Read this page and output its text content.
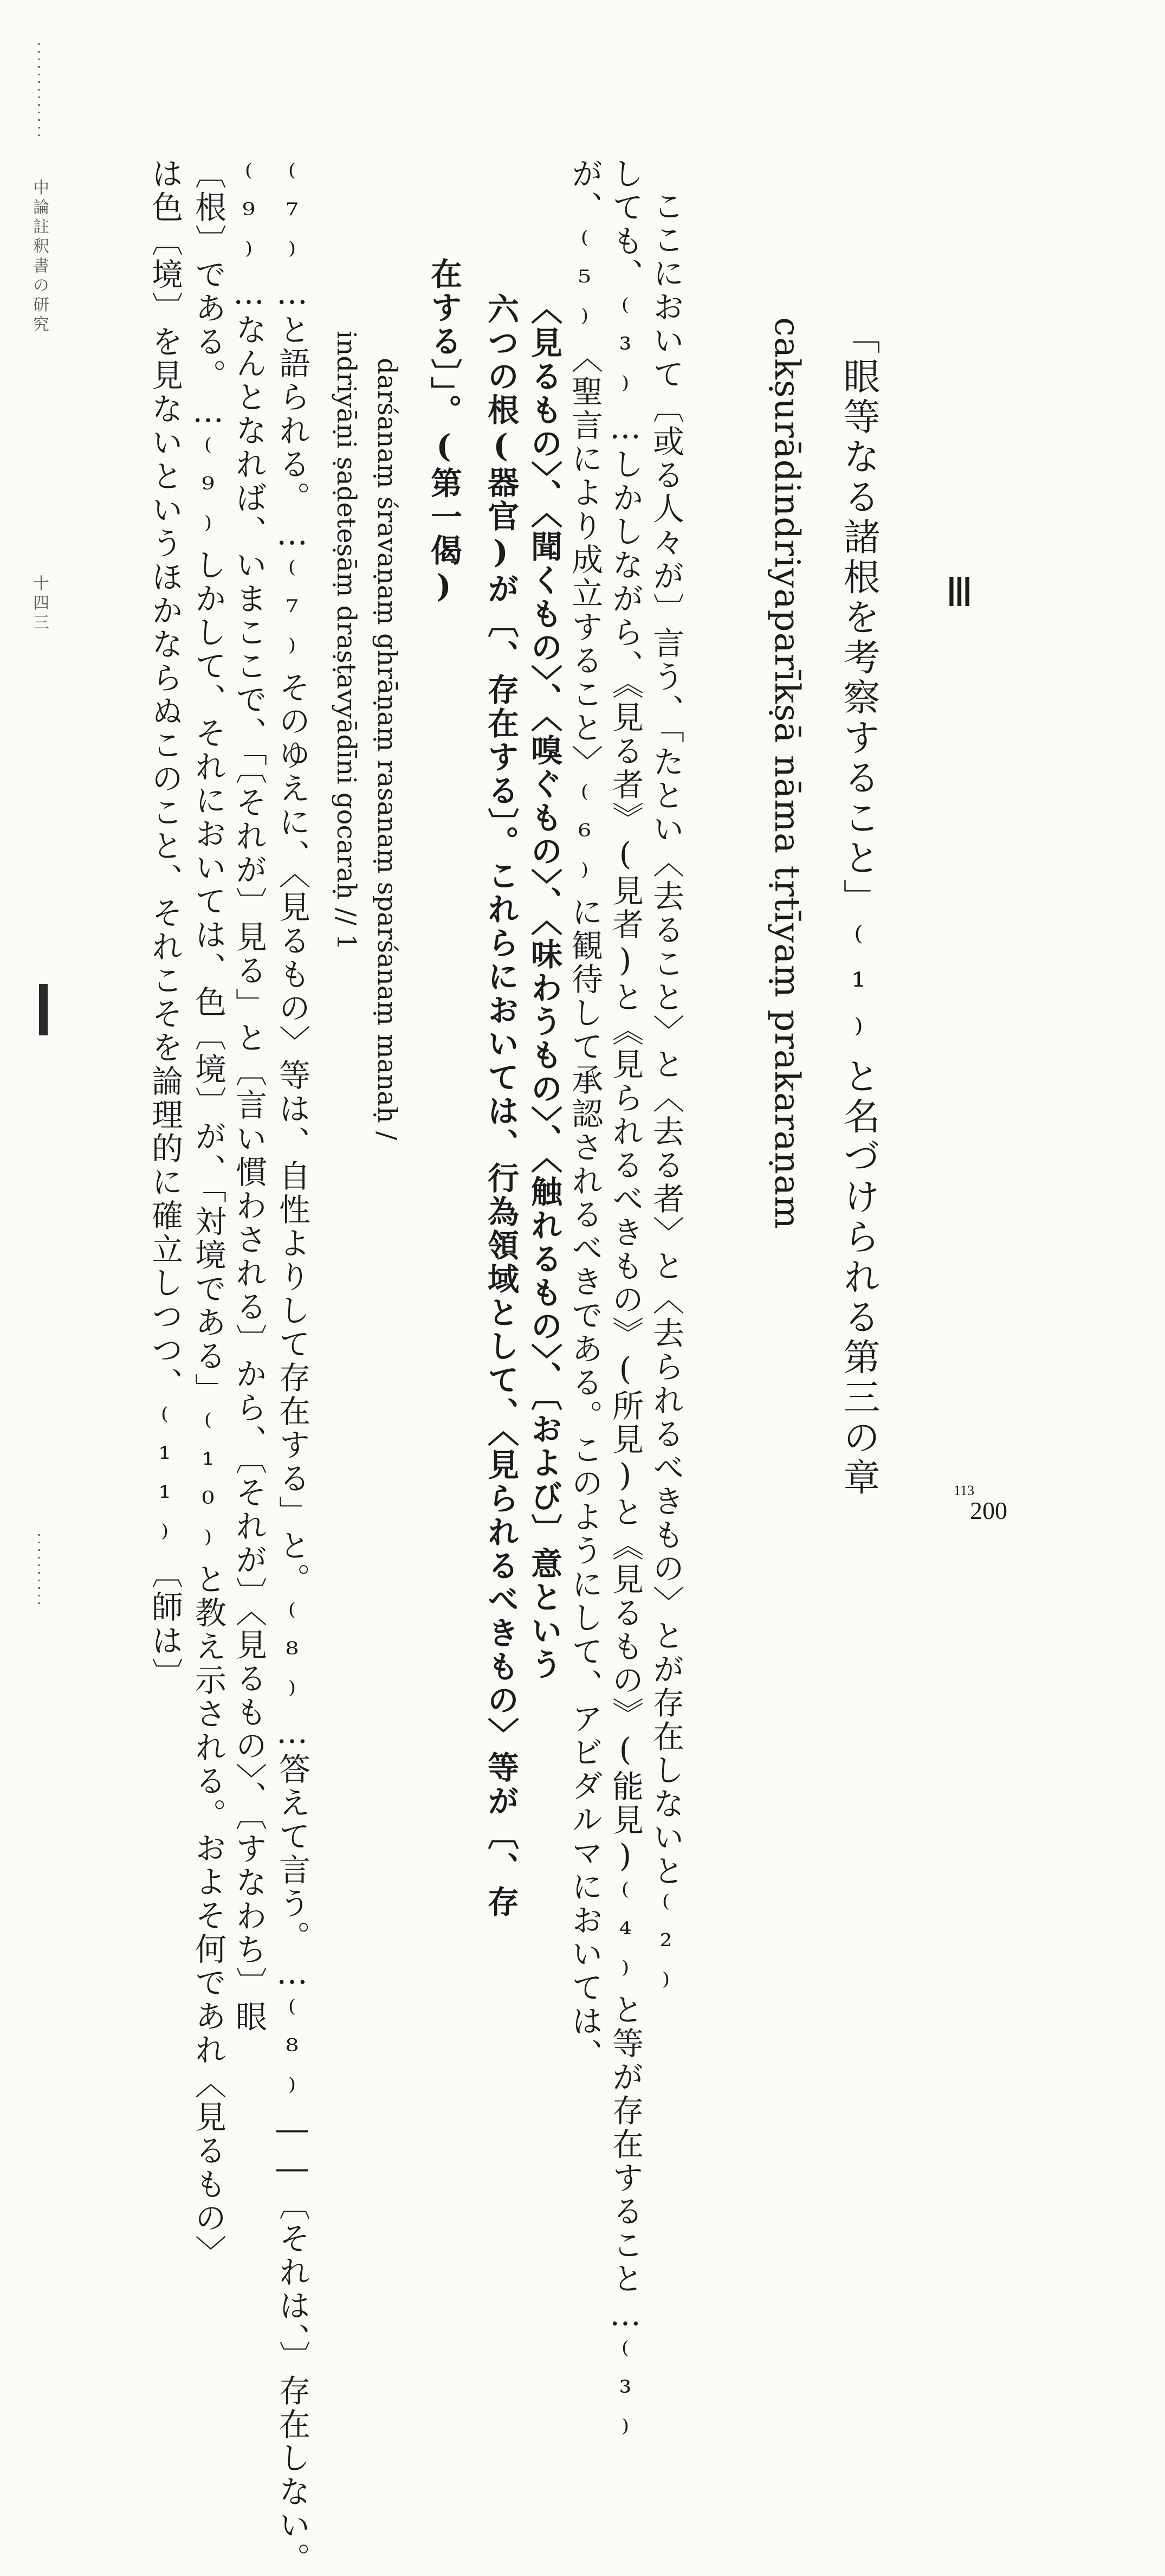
Ⅲ
「眼等なる諸根を考察すること」⁽¹⁾と名づけられる第三の章
cakṣurādindriyaparīkṣā nāma tṛtīyaṃ prakaraṇam
ここにおいて〔或る人々が〕言う、「たとい〈去ること〉と〈去る者〉と〈去られるべきもの〉とが存在しないと⁽²⁾
しても、⁽³⁾…しかしながら、《見る者》(見者)と《見られるべきもの》(所見)と《見るもの》(能見)⁽⁴⁾と等が存在すること…⁽³⁾
が、⁽⁵⁾〈聖言により成立すること〉⁽⁶⁾に観待して承認されるべきである。このようにして、アビダルマにおいては、
〈見るもの〉、〈聞くもの〉、〈嗅ぐもの〉、〈味わうもの〉、〈触れるもの〉、〔および〕意という
六つの根(器官)が〔、存在する〕。これらにおいては、行為領域として、〈見られるべきもの〉等が〔、存
在する〕」。(第一偈)
darśanaṃ śravaṇaṃ ghrāṇaṃ rasanaṃ sparśanaṃ manaḥ /
indriyāṇi ṣaḍeteṣāṃ draṣṭavyādīni gocaraḥ // 1
⁽⁷⁾…と語られる。…⁽⁷⁾そのゆえに、〈見るもの〉等は、自性よりして存在する」と。⁽⁸⁾…答えて言う。…⁽⁸⁾――〔それは、〕存在しない。
⁽⁹⁾…なんとなれば、いまここで、「〔それが〕見る」と〔言い慣わされる〕から、〔それが〕〈見るもの〉、〔すなわち〕眼
〔根〕である。…⁽⁹⁾しかして、それにおいては、色〔境〕が、「対境である」⁽¹⁰⁾と教え示される。およそ何であれ〈見るもの〉
は色〔境〕を見ないというほかならぬこのこと、それこそを論理的に確立しつつ、⁽¹¹⁾〔師は〕	113
200
中論註釈書の研究
十四三
